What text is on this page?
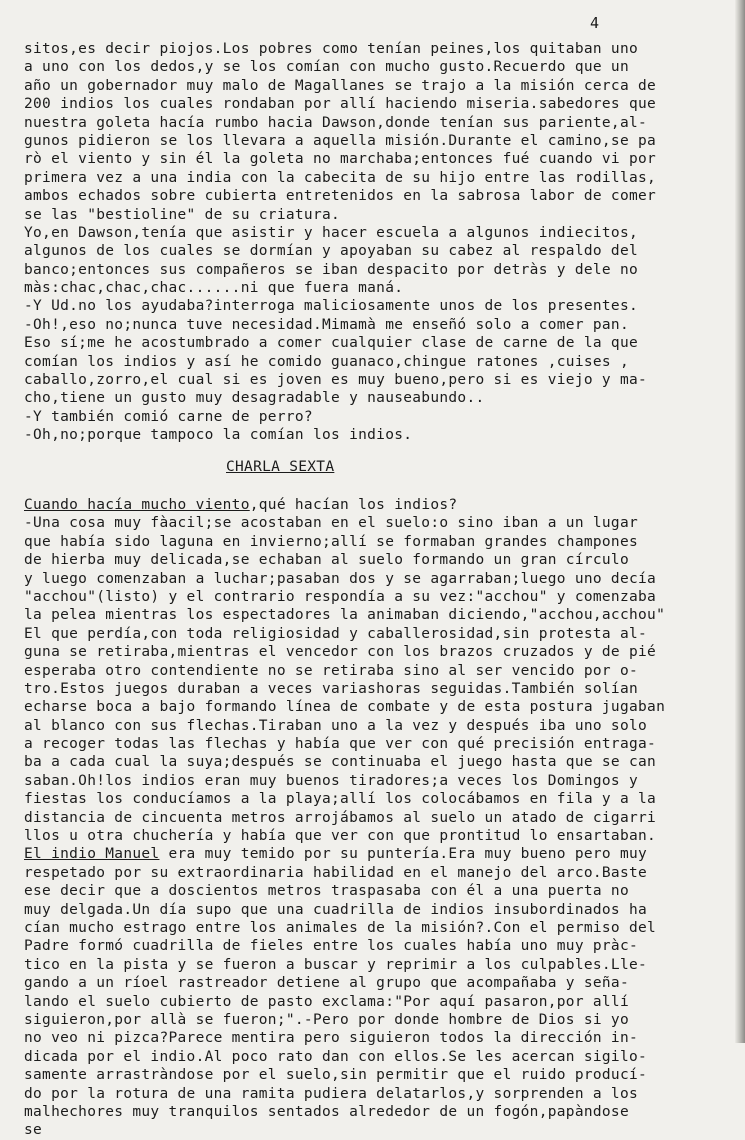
4
sitos,es decir piojos.Los pobres como tenían peines,los quitaban uno
a uno con los dedos,y se los comían con mucho gusto.Recuerdo que un
año un gobernador muy malo de Magallanes se trajo a la misión cerca de
200 indios los cuales rondaban por allí haciendo miseria.sabedores que
nuestra goleta hacía rumbo hacia Dawson,donde tenían sus pariente,al-
gunos pidieron se los llevara a aquella misión.Durante el camino,se pa
rò el viento y sin él la goleta no marchaba;entonces fué cuando vi por
primera vez a una india con la cabecita de su hijo entre las rodillas,
ambos echados sobre cubierta entretenidos en la sabrosa labor de comer
se las "bestioline" de su criatura.
Yo,en Dawson,tenía que asistir y hacer escuela a algunos indiecitos,
algunos de los cuales se dormían y apoyaban su cabez al respaldo del
banco;entonces sus compañeros se iban despacito por detràs y dele no
màs:chac,chac,chac......ni que fuera maná.
-Y Ud.no los ayudaba?interroga maliciosamente unos de los presentes.
-Oh!,eso no;nunca tuve necesidad.Mimamà me enseñó solo a comer pan.
Eso sí;me he acostumbrado a comer cualquier clase de carne de la que
comían los indios y así he comido guanaco,chingue ratones ,cuises ,
caballo,zorro,el cual si es joven es muy bueno,pero si es viejo y ma-
cho,tiene un gusto muy desagradable y nauseabundo..
-Y también comió carne de perro?
-Oh,no;porque tampoco la comían los indios.
CHARLA SEXTA
Cuando hacía mucho viento,qué hacían los indios?
-Una cosa muy fàacil;se acostaban en el suelo:o sino iban a un lugar
que había sido laguna en invierno;allí se formaban grandes champones
de hierba muy delicada,se echaban al suelo formando un gran círculo
y luego comenzaban a luchar;pasaban dos y se agarraban;luego uno decía
"acchou"(listo) y el contrario respondía a su vez:"acchou" y comenzaba
la pelea mientras los espectadores la animaban diciendo,"acchou,acchou"
El que perdía,con toda religiosidad y caballerosidad,sin protesta al-
guna se retiraba,mientras el vencedor con los brazos cruzados y de pié
esperaba otro contendiente no se retiraba sino al ser vencido por o-
tro.Estos juegos duraban a veces variashoras seguidas.También solían
echarse boca a bajo formando línea de combate y de esta postura jugaban
al blanco con sus flechas.Tiraban uno a la vez y después iba uno solo
a recoger todas las flechas y había que ver con qué precisión entraga-
ba a cada cual la suya;después se continuaba el juego hasta que se can
saban.Oh!los indios eran muy buenos tiradores;a veces los Domingos y
fiestas los conducíamos a la playa;allí los colocábamos en fila y a la
distancia de cincuenta metros arrojábamos al suelo un atado de cigarri
llos u otra chuchería y había que ver con que prontitud lo ensartaban.
El indio Manuel era muy temido por su puntería.Era muy bueno pero muy
respetado por su extraordinaria habilidad en el manejo del arco.Baste
ese decir que a doscientos metros traspasaba con él a una puerta no
muy delgada.Un día supo que una cuadrilla de indios insubordinados ha
cían mucho estrago entre los animales de la misión?.Con el permiso del
Padre formó cuadrilla de fieles entre los cuales había uno muy pràc-
tico en la pista y se fueron a buscar y reprimir a los culpables.Lle-
gando a un ríoel rastreador detiene al grupo que acompañaba y seña-
lando el suelo cubierto de pasto exclama:"Por aquí pasaron,por allí
siguieron,por allà se fueron;".-Pero por donde hombre de Dios si yo
no veo ni pizca?Parece mentira pero siguieron todos la dirección in-
dicada por el indio.Al poco rato dan con ellos.Se les acercan sigilo-
samente arrastràndose por el suelo,sin permitir que el ruido producí-
do por la rotura de una ramita pudiera delatarlos,y sorprenden a los
malhechores muy tranquilos sentados alrededor de un fogón,papàndose
se
